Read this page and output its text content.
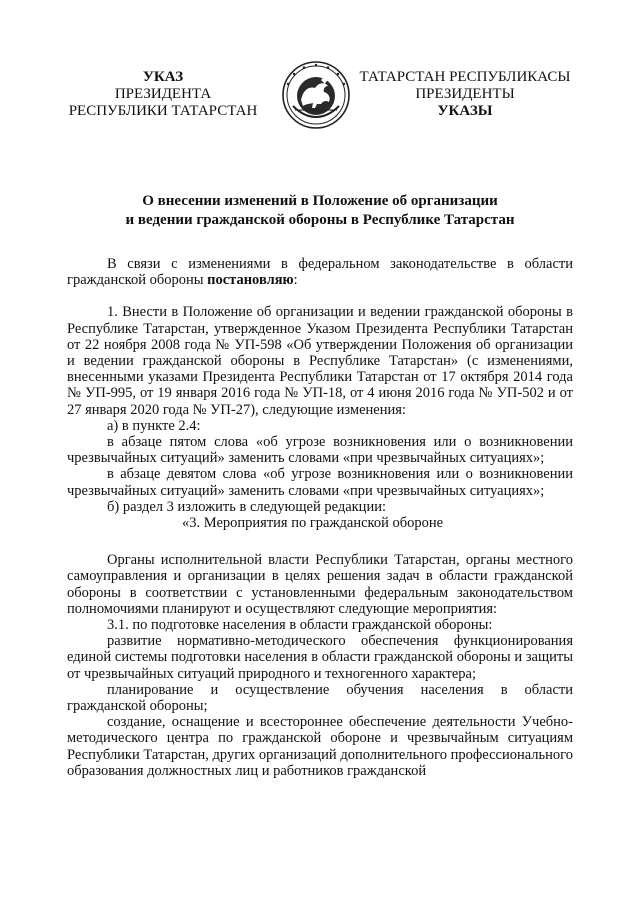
УКАЗ
ПРЕЗИДЕНТА
РЕСПУБЛИКИ ТАТАРСТАН
ТАТАРСТАН РЕСПУБЛИКАСЫ
ПРЕЗИДЕНТЫ
УКАЗЫ
О внесении изменений в Положение об организации
и ведении гражданской обороны в Республике Татарстан

В связи с изменениями в федеральном законодательстве в области гражданской обороны постановляю:

1. Внести в Положение об организации и ведении гражданской обороны в Республике Татарстан, утвержденное Указом Президента Республики Татарстан от 22 ноября 2008 года № УП-598 «Об утверждении Положения об организации и ведении гражданской обороны в Республике Татарстан» (с изменениями, внесенными указами Президента Республики Татарстан от 17 октября 2014 года № УП-995, от 19 января 2016 года № УП-18, от 4 июня 2016 года № УП-502 и от 27 января 2020 года № УП-27), следующие изменения:

а) в пункте 2.4:

в абзаце пятом слова «об угрозе возникновения или о возникновении чрезвычайных ситуаций» заменить словами «при чрезвычайных ситуациях»;

в абзаце девятом слова «об угрозе возникновения или о возникновении чрезвычайных ситуаций» заменить словами «при чрезвычайных ситуациях»;

б) раздел 3 изложить в следующей редакции:

«3. Мероприятия по гражданской обороне

Органы исполнительной власти Республики Татарстан, органы местного самоуправления и организации в целях решения задач в области гражданской обороны в соответствии с установленными федеральным законодательством полномочиями планируют и осуществляют следующие мероприятия:

3.1. по подготовке населения в области гражданской обороны:

развитие нормативно-методического обеспечения функционирования единой системы подготовки населения в области гражданской обороны и защиты от чрезвычайных ситуаций природного и техногенного характера;

планирование и осуществление обучения населения в области гражданской обороны;

создание, оснащение и всестороннее обеспечение деятельности Учебно-методического центра по гражданской обороне и чрезвычайным ситуациям Республики Татарстан, других организаций дополнительного профессионального образования должностных лиц и работников гражданской
